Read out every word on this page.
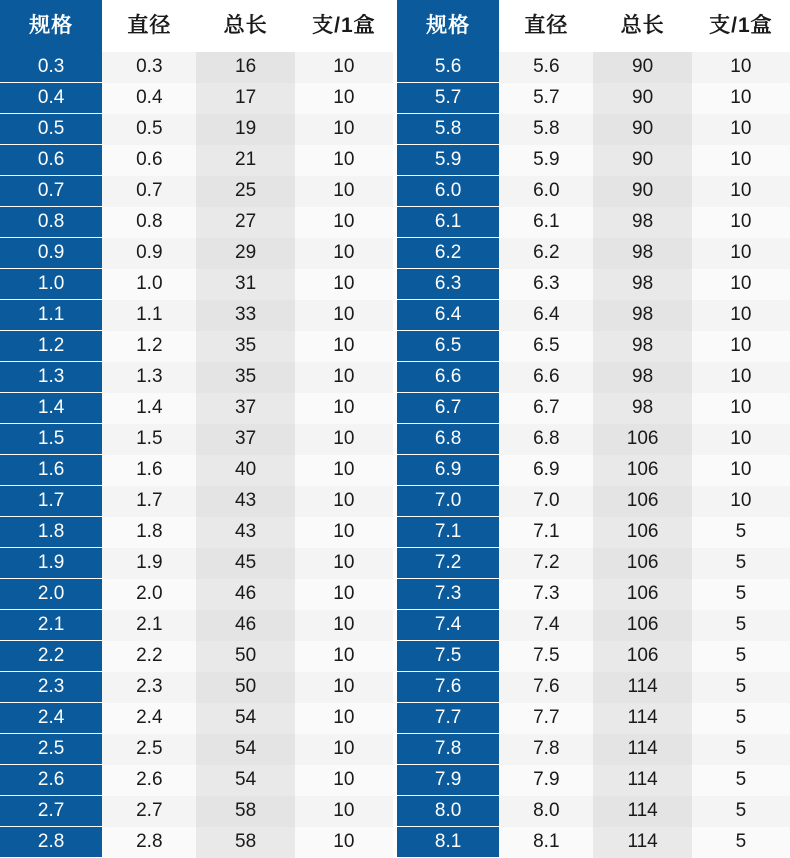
规格	直径	总长	支/1盒
0.3	0.3	16	10
0.4	0.4	17	10
0.5	0.5	19	10
0.6	0.6	21	10
0.7	0.7	25	10
0.8	0.8	27	10
0.9	0.9	29	10
1.0	1.0	31	10
1.1	1.1	33	10
1.2	1.2	35	10
1.3	1.3	35	10
1.4	1.4	37	10
1.5	1.5	37	10
1.6	1.6	40	10
1.7	1.7	43	10
1.8	1.8	43	10
1.9	1.9	45	10
2.0	2.0	46	10
2.1	2.1	46	10
2.2	2.2	50	10
2.3	2.3	50	10
2.4	2.4	54	10
2.5	2.5	54	10
2.6	2.6	54	10
2.7	2.7	58	10
2.8	2.8	58	10
规格	直径	总长	支/1盒
5.6	5.6	90	10
5.7	5.7	90	10
5.8	5.8	90	10
5.9	5.9	90	10
6.0	6.0	90	10
6.1	6.1	98	10
6.2	6.2	98	10
6.3	6.3	98	10
6.4	6.4	98	10
6.5	6.5	98	10
6.6	6.6	98	10
6.7	6.7	98	10
6.8	6.8	106	10
6.9	6.9	106	10
7.0	7.0	106	10
7.1	7.1	106	5
7.2	7.2	106	5
7.3	7.3	106	5
7.4	7.4	106	5
7.5	7.5	106	5
7.6	7.6	114	5
7.7	7.7	114	5
7.8	7.8	114	5
7.9	7.9	114	5
8.0	8.0	114	5
8.1	8.1	114	5
